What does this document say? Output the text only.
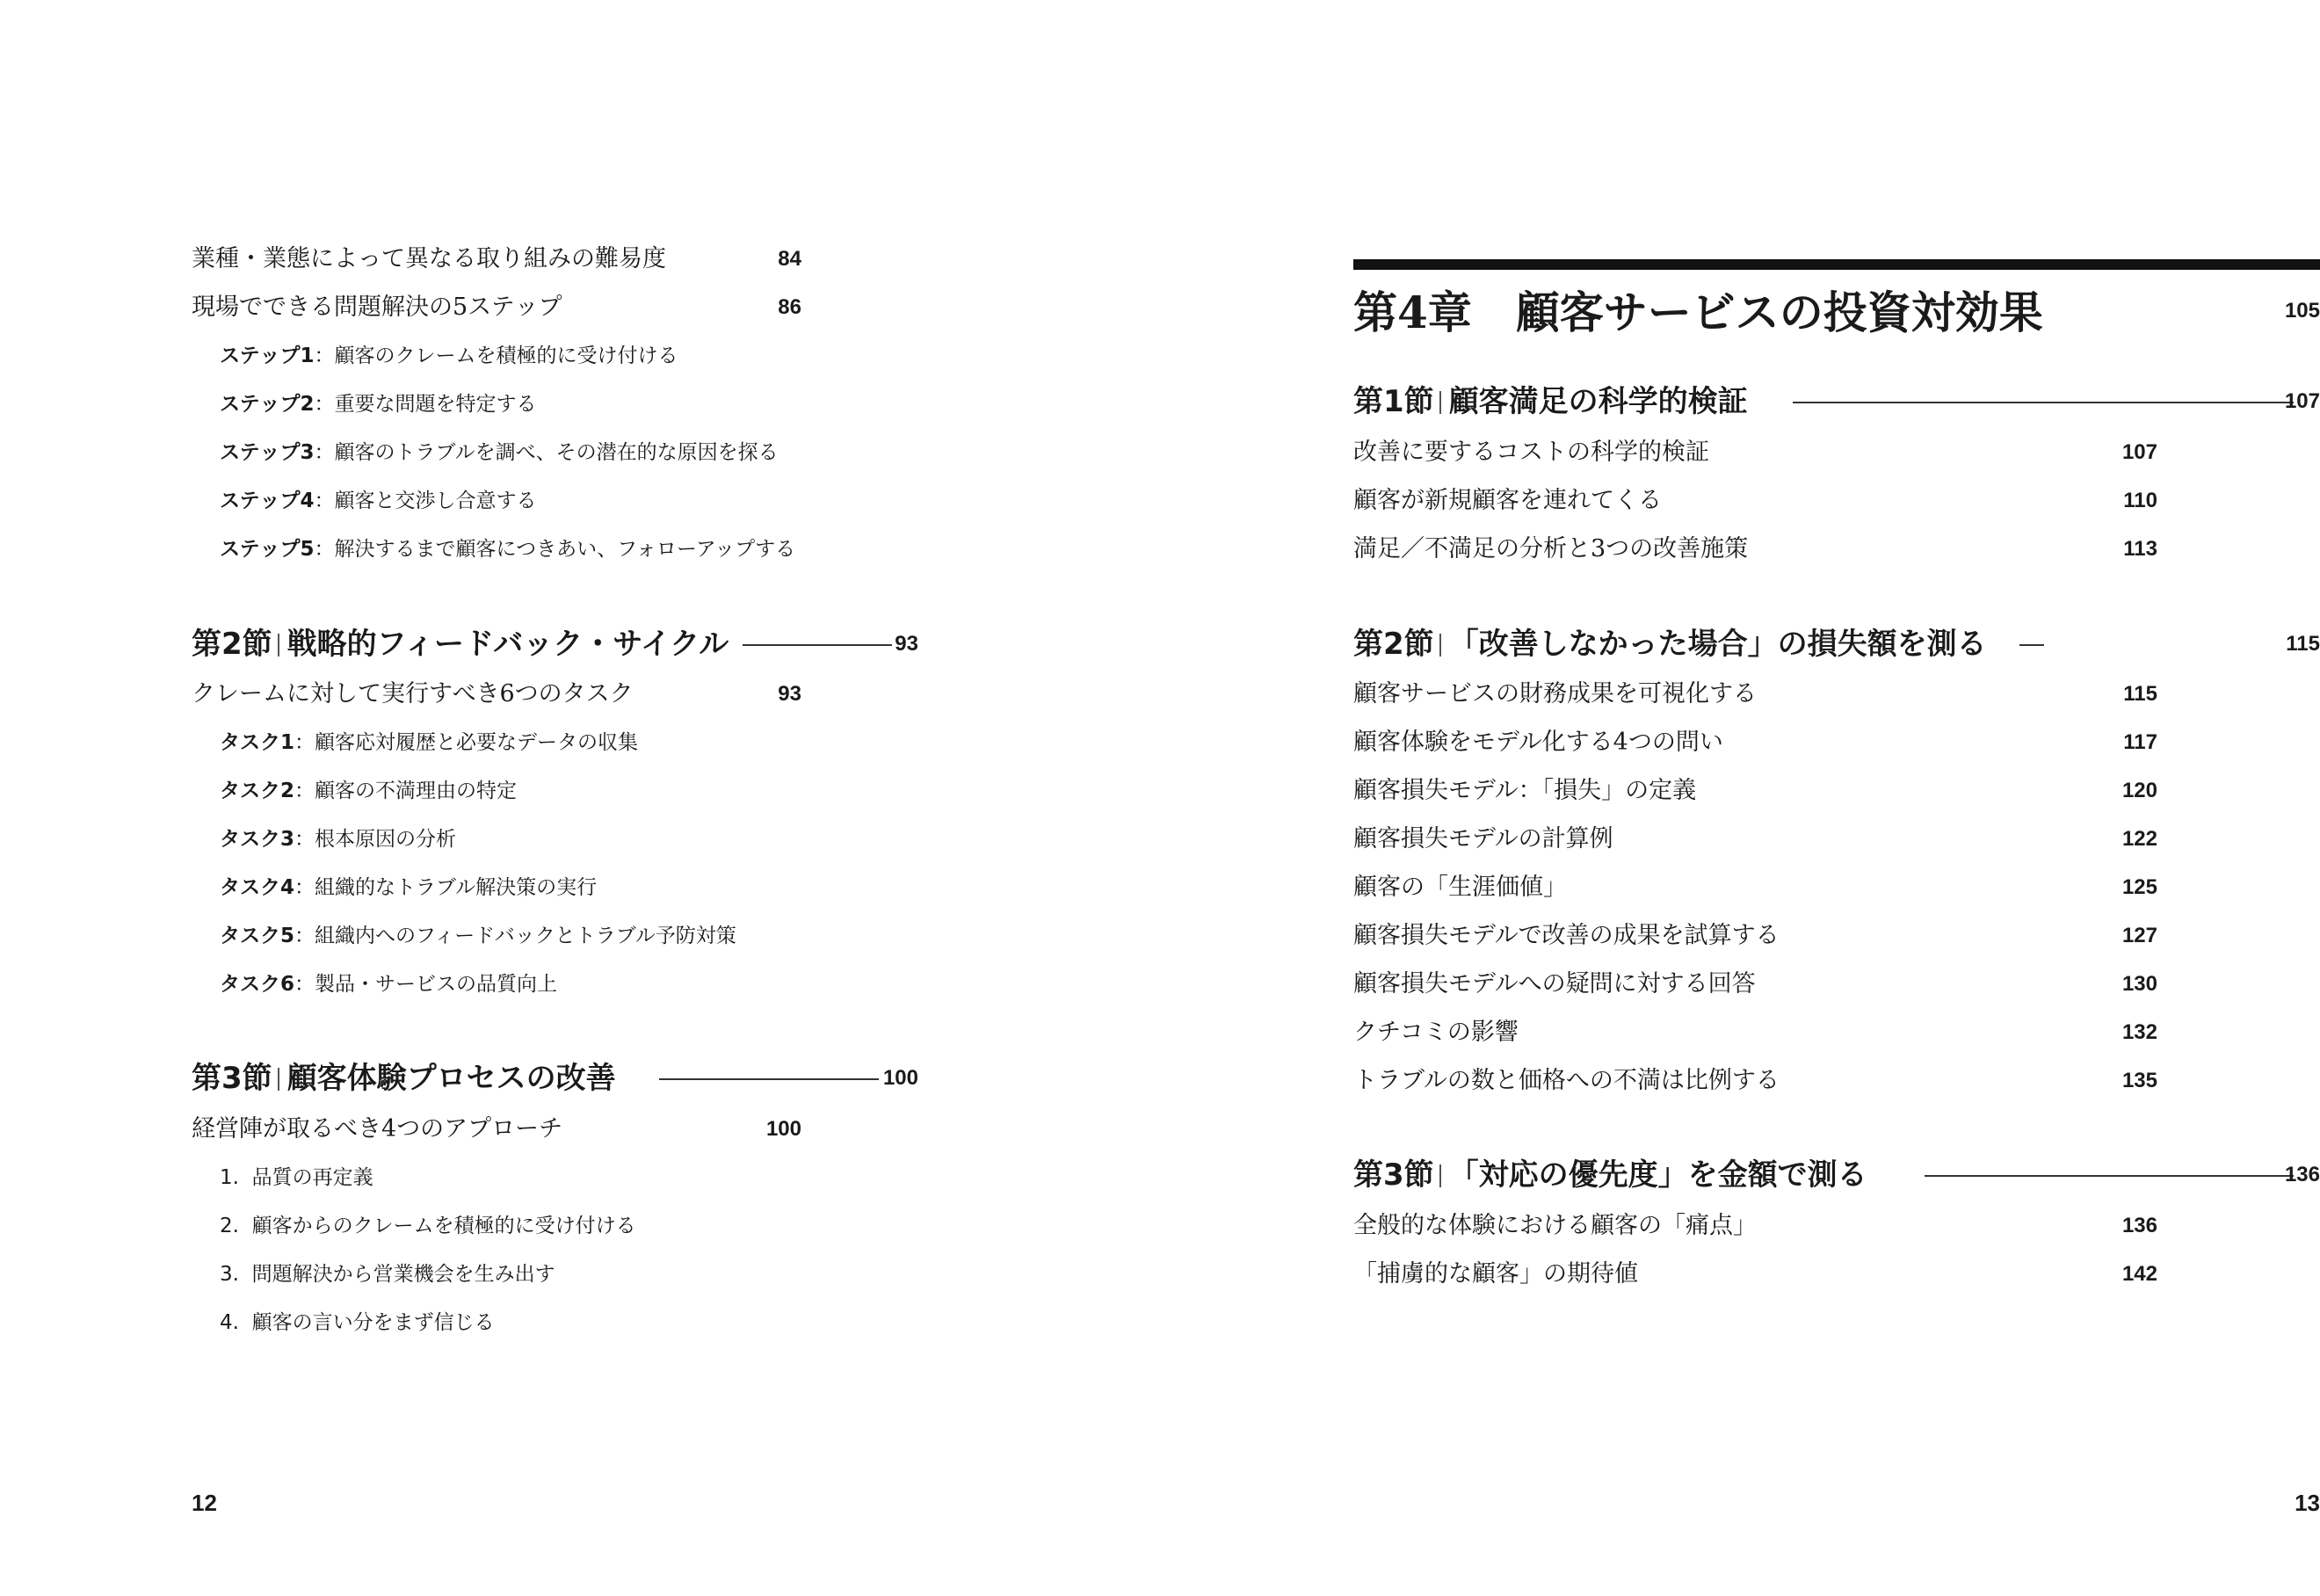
業種・業態によって異なる取り組みの難易度	84
現場でできる問題解決の5ステップ	86
ステップ1：顧客のクレームを積極的に受け付ける
ステップ2：重要な問題を特定する
ステップ3：顧客のトラブルを調べ、その潜在的な原因を探る
ステップ4：顧客と交渉し合意する
ステップ5：解決するまで顧客につきあい、フォローアップする
第2節 戦略的フィードバック・サイクル	93
クレームに対して実行すべき6つのタスク	93
タスク1：顧客応対履歴と必要なデータの収集
タスク2：顧客の不満理由の特定
タスク3：根本原因の分析
タスク4：組織的なトラブル解決策の実行
タスク5：組織内へのフィードバックとトラブル予防対策
タスク6：製品・サービスの品質向上
第3節 顧客体験プロセスの改善	100
経営陣が取るべき4つのアプローチ	100
1. 品質の再定義
2. 顧客からのクレームを積極的に受け付ける
3. 問題解決から営業機会を生み出す
4. 顧客の言い分をまず信じる
12
第4章 顧客サービスの投資対効果	105
第1節 顧客満足の科学的検証	107
改善に要するコストの科学的検証	107
顧客が新規顧客を連れてくる	110
満足／不満足の分析と3つの改善施策	113
第2節 「改善しなかった場合」の損失額を測る	115
顧客サービスの財務成果を可視化する	115
顧客体験をモデル化する4つの問い	117
顧客損失モデル：「損失」の定義	120
顧客損失モデルの計算例	122
顧客の「生涯価値」	125
顧客損失モデルで改善の成果を試算する	127
顧客損失モデルへの疑問に対する回答	130
クチコミの影響	132
トラブルの数と価格への不満は比例する	135
第3節 「対応の優先度」を金額で測る	136
全般的な体験における顧客の「痛点」	136
「捕虜的な顧客」の期待値	142
13
